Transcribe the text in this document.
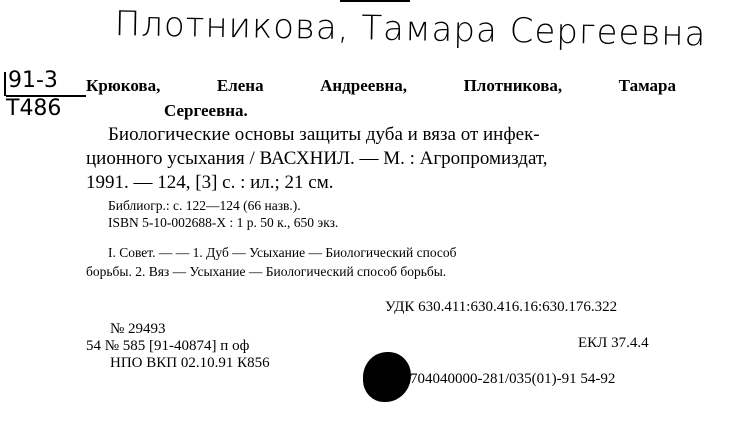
Плотникова, Тамара Сергеевна
91-3
Т486
Крюкова,	Елена	Андреевна,	Плотникова,	Тамара
Сергеевна.
Биологические основы защиты дуба и вяза от инфек-
ционного усыхания / ВАСХНИЛ. — М. : Агропромиздат,
1991. — 124, [3] с. : ил.; 21 см.
Библиогр.: с. 122—124 (66 назв.).
ISBN 5-10-002688-Х : 1 р. 50 к., 650 экз.
I. Совет. — — 1. Дуб — Усыхание — Биологический способ
борьбы. 2. Вяз — Усыхание — Биологический способ борьбы.
УДК 630.411:630.416.16:630.176.322
№ 29493
54 № 585 [91-40874] п оф	ЕКЛ 37.4.4
НПО ВКП 02.10.91 К856
704040000-281/035(01)-91 54-92
